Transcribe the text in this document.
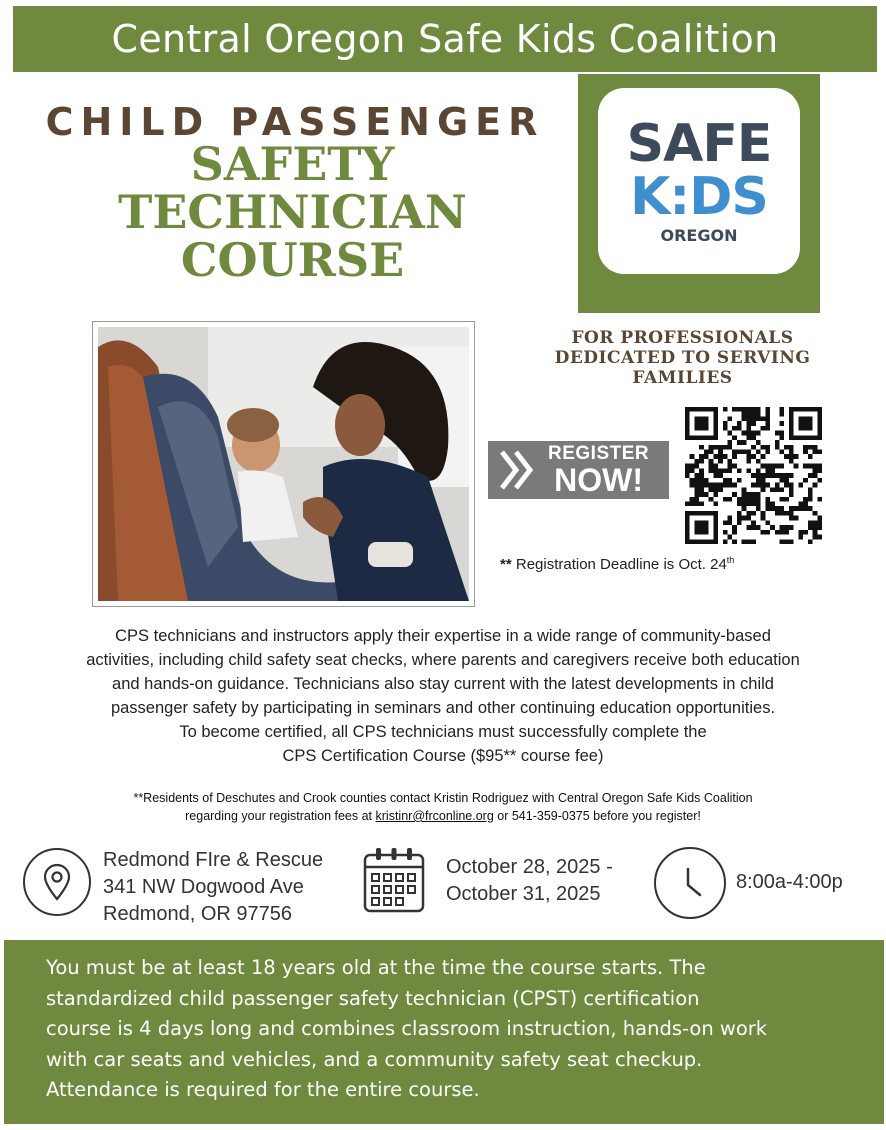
Central Oregon Safe Kids Coalition
CHILD PASSENGER
SAFETY
TECHNICIAN
COURSE
SAFE
K:DS
OREGON
FOR PROFESSIONALS
DEDICATED TO SERVING
FAMILIES
REGISTER
NOW!
** Registration Deadline is Oct. 24th

CPS technicians and instructors apply their expertise in a wide range of community-based

activities, including child safety seat checks, where parents and caregivers receive both education

and hands-on guidance. Technicians also stay current with the latest developments in child

passenger safety by participating in seminars and other continuing education opportunities.

To become certified, all CPS technicians must successfully complete the

CPS Certification Course ($95** course fee)

**Residents of Deschutes and Crook counties contact Kristin Rodriguez with Central Oregon Safe Kids Coalition
regarding your registration fees at kristinr@frconline.org or 541-359-0375 before you register!
Redmond FIre & Rescue
341 NW Dogwood Ave
Redmond, OR 97756
October 28, 2025 -
October 31, 2025
8:00a-4:00p
You must be at least 18 years old at the time the course starts. The
standardized child passenger safety technician (CPST) certification
course is 4 days long and combines classroom instruction, hands-on work
with car seats and vehicles, and a community safety seat checkup.
Attendance is required for the entire course.
